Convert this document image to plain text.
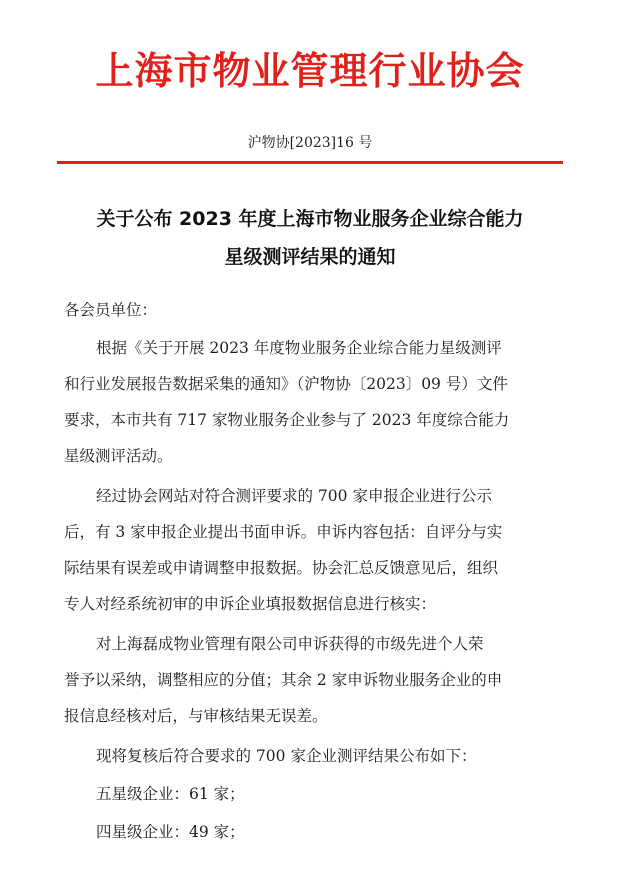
上海市物业管理行业协会
沪物协[2023]16 号
关于公布 2023 年度上海市物业服务企业综合能力
星级测评结果的通知

各会员单位：

根据《关于开展 2023 年度物业服务企业综合能力星级测评
和行业发展报告数据采集的通知》（沪物协〔2023〕09 号）文件
要求，本市共有 717 家物业服务企业参与了 2023 年度综合能力
星级测评活动。

经过协会网站对符合测评要求的 700 家申报企业进行公示
后，有 3 家申报企业提出书面申诉。申诉内容包括：自评分与实
际结果有误差或申请调整申报数据。协会汇总反馈意见后，组织
专人对经系统初审的申诉企业填报数据信息进行核实：

对上海磊成物业管理有限公司申诉获得的市级先进个人荣
誉予以采纳，调整相应的分值；其余 2 家申诉物业服务企业的申
报信息经核对后，与审核结果无误差。

现将复核后符合要求的 700 家企业测评结果公布如下：

五星级企业：61 家；

四星级企业：49 家；
